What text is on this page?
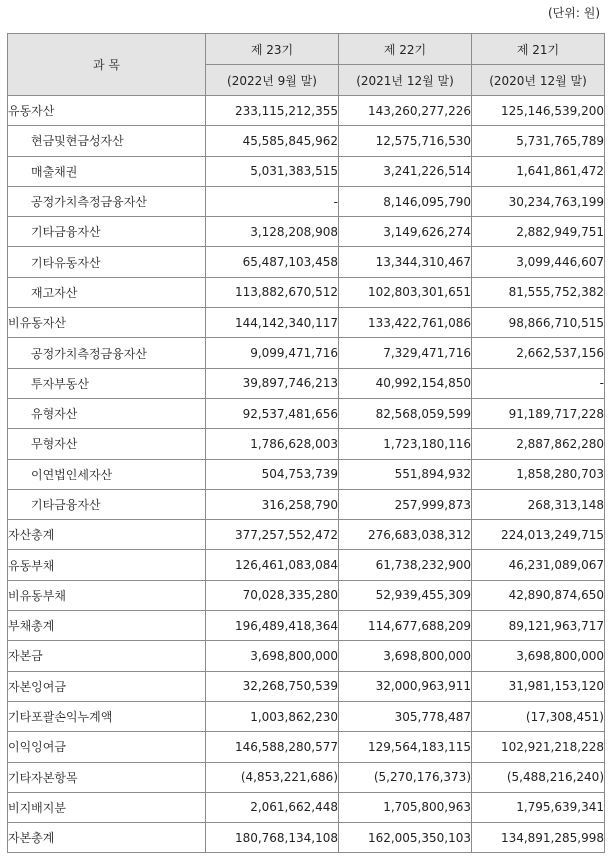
(단위: 원)
과 목	제 23기	제 22기	제 21기
	(2022년 9월 말)	(2021년 12월 말)	(2020년 12월 말)
유동자산	233,115,212,355	143,260,277,226	125,146,539,200
현금및현금성자산	45,585,845,962	12,575,716,530	5,731,765,789
매출채권	5,031,383,515	3,241,226,514	1,641,861,472
공정가치측정금융자산	-	8,146,095,790	30,234,763,199
기타금융자산	3,128,208,908	3,149,626,274	2,882,949,751
기타유동자산	65,487,103,458	13,344,310,467	3,099,446,607
재고자산	113,882,670,512	102,803,301,651	81,555,752,382
비유동자산	144,142,340,117	133,422,761,086	98,866,710,515
공정가치측정금융자산	9,099,471,716	7,329,471,716	2,662,537,156
투자부동산	39,897,746,213	40,992,154,850	-
유형자산	92,537,481,656	82,568,059,599	91,189,717,228
무형자산	1,786,628,003	1,723,180,116	2,887,862,280
이연법인세자산	504,753,739	551,894,932	1,858,280,703
기타금융자산	316,258,790	257,999,873	268,313,148
자산총계	377,257,552,472	276,683,038,312	224,013,249,715
유동부채	126,461,083,084	61,738,232,900	46,231,089,067
비유동부채	70,028,335,280	52,939,455,309	42,890,874,650
부채총계	196,489,418,364	114,677,688,209	89,121,963,717
자본금	3,698,800,000	3,698,800,000	3,698,800,000
자본잉여금	32,268,750,539	32,000,963,911	31,981,153,120
기타포괄손익누계액	1,003,862,230	305,778,487	(17,308,451)
이익잉여금	146,588,280,577	129,564,183,115	102,921,218,228
기타자본항목	(4,853,221,686)	(5,270,176,373)	(5,488,216,240)
비지배지분	2,061,662,448	1,705,800,963	1,795,639,341
자본총계	180,768,134,108	162,005,350,103	134,891,285,998
